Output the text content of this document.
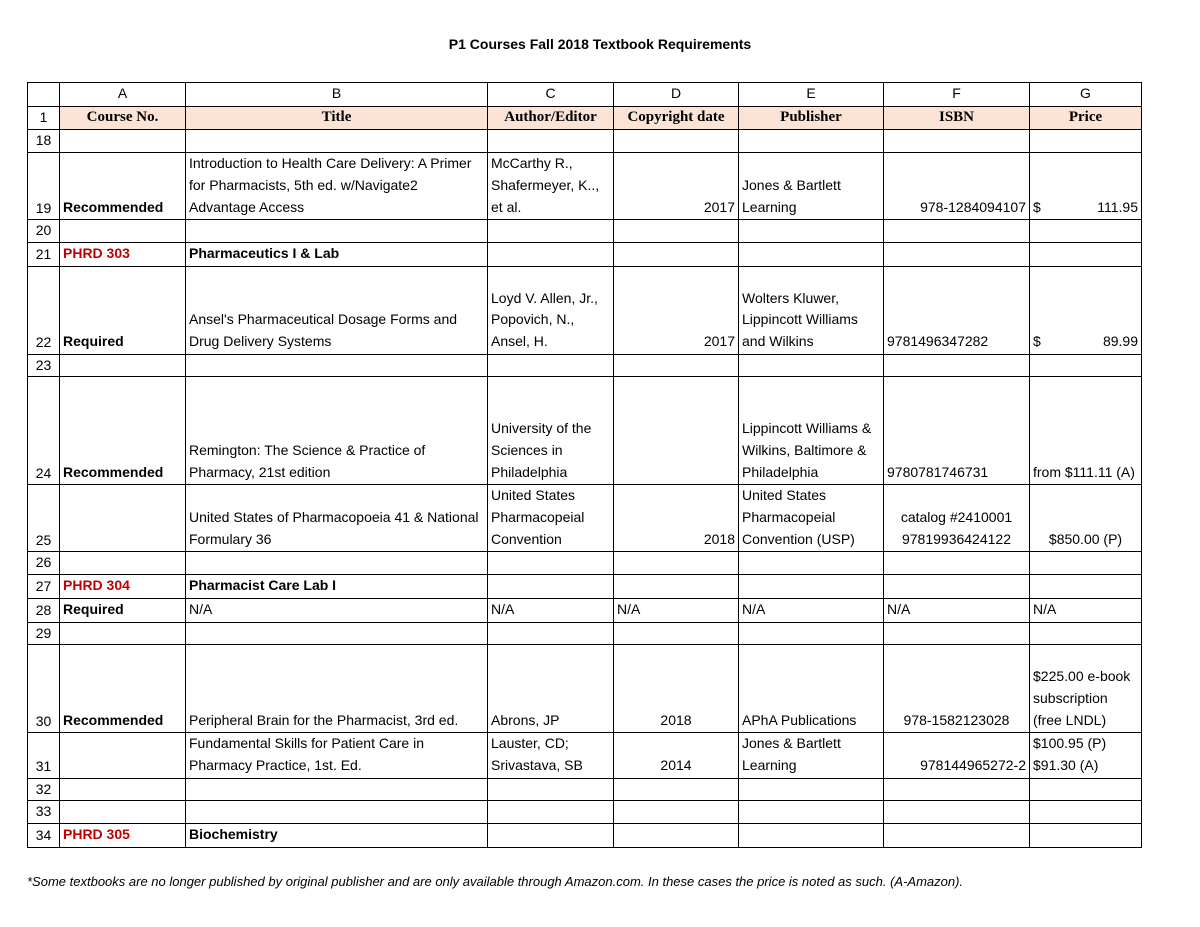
P1 Courses Fall 2018 Textbook Requirements
	A	B	C	D	E	F	G
1	Course No.	Title	Author/Editor	Copyright date	Publisher	ISBN	Price
18							
19	Recommended	Introduction to Health Care Delivery: A Primer for Pharmacists, 5th ed. w/Navigate2 Advantage Access	McCarthy R., Shafermeyer, K.., et al.	2017	Jones & Bartlett Learning	978-1284094107	$ 111.95

20							
21	PHRD 303	Pharmaceutics I & Lab					
22	Required	Ansel's Pharmaceutical Dosage Forms and Drug Delivery Systems	Loyd V. Allen, Jr., Popovich, N., Ansel, H.	2017	Wolters Kluwer, Lippincott Williams and Wilkins	9781496347282	$ 89.99

23							
24	Recommended	Remington: The Science & Practice of Pharmacy, 21st edition	University of the Sciences in Philadelphia		Lippincott Williams & Wilkins, Baltimore & Philadelphia	9780781746731	from $111.11 (A)
25		United States of Pharmacopoeia 41 & National Formulary 36	United States Pharmacopeial Convention	2018	United States Pharmacopeial Convention (USP)	catalog #2410001 97819936424122	$850.00 (P)
26							
27	PHRD 304	Pharmacist Care Lab I					
28	Required	N/A	N/A	N/A	N/A	N/A	N/A
29							
30	Recommended	Peripheral Brain for the Pharmacist, 3rd ed.	Abrons, JP	2018	APhA Publications	978-1582123028	$225.00 e-book subscription (free LNDL)
31		Fundamental Skills for Patient Care in Pharmacy Practice, 1st. Ed.	Lauster, CD; Srivastava, SB	2014	Jones & Bartlett Learning	978144965272-2	$100.95 (P) $91.30 (A)
32							
33							
34	PHRD 305	Biochemistry					
*Some textbooks are no longer published by original publisher and are only available through Amazon.com. In these cases the price is noted as such. (A-Amazon).
